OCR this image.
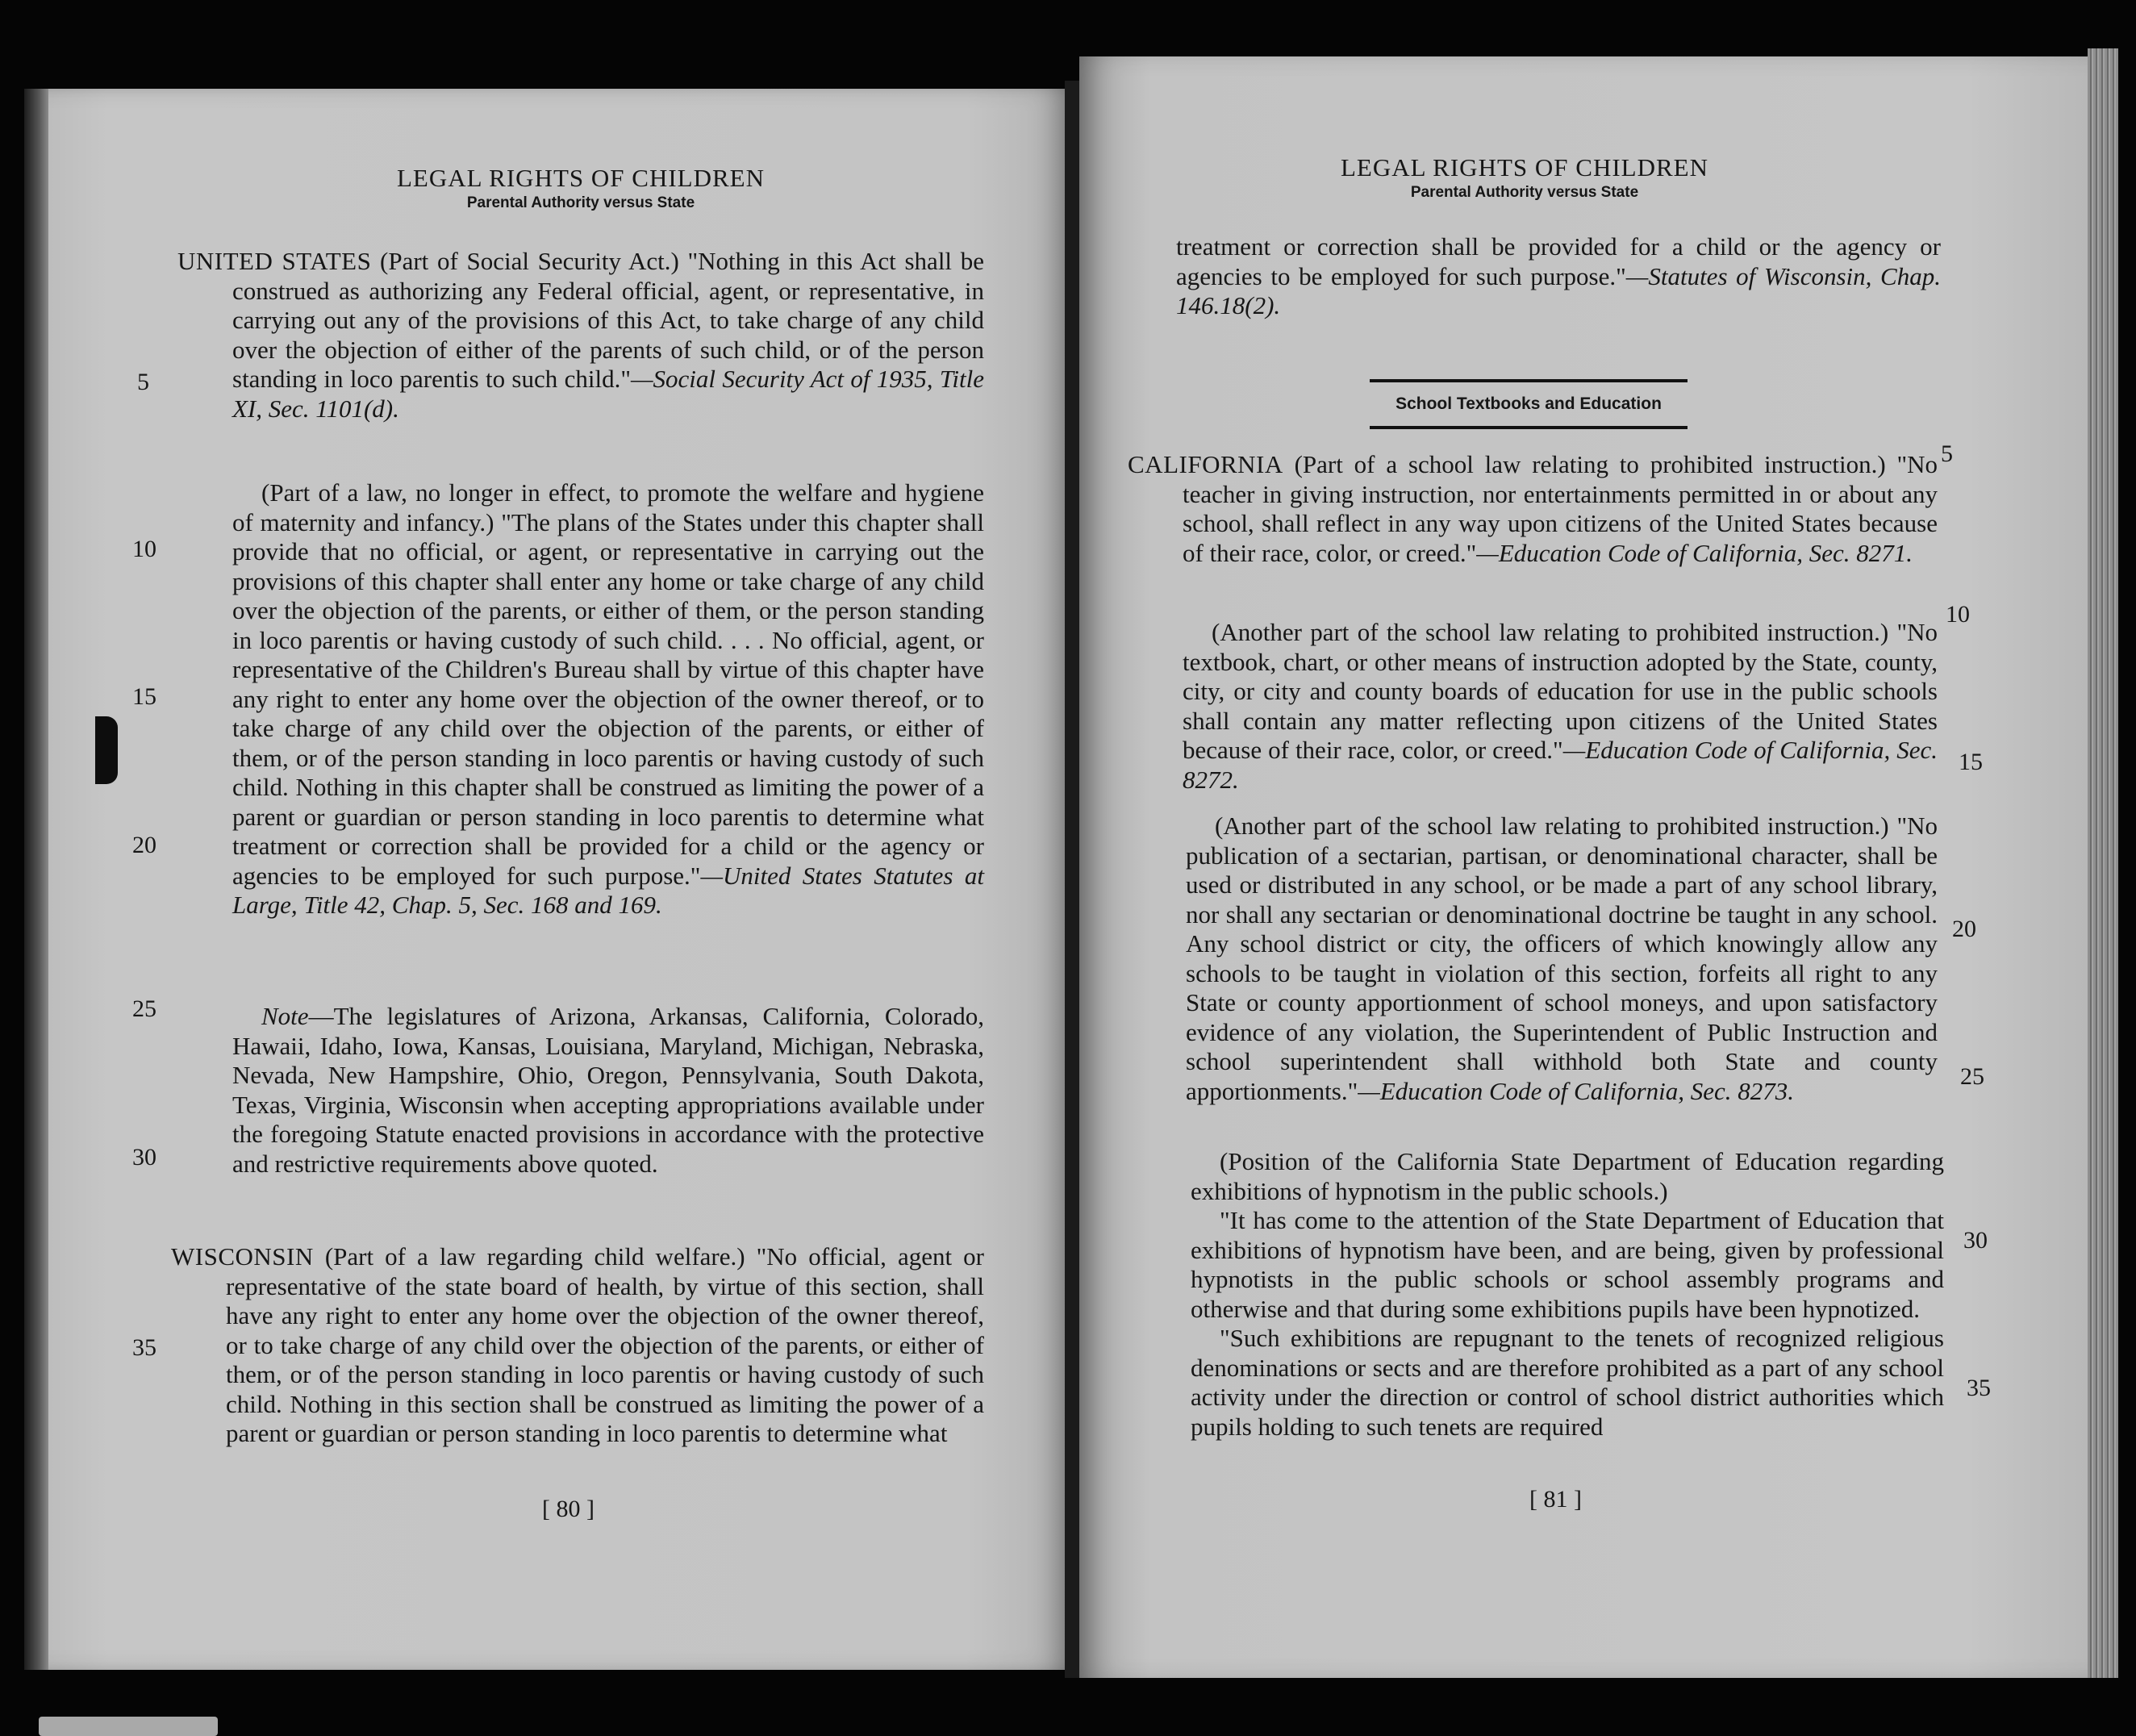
LEGAL RIGHTS OF CHILDREN
Parental Authority versus State
5
10
15
20
25
30
35

UNITED STATES (Part of Social Security Act.) "Nothing in this Act shall be construed as authorizing any Federal official, agent, or representative, in carrying out any of the provisions of this Act, to take charge of any child over the objection of either of the parents of such child, or of the person standing in loco parentis to such child."—Social Security Act of 1935, Title XI, Sec. 1101(d).

(Part of a law, no longer in effect, to promote the welfare and hygiene of maternity and infancy.) "The plans of the States under this chapter shall provide that no official, or agent, or representative in carrying out the provisions of this chapter shall enter any home or take charge of any child over the objection of the parents, or either of them, or the person standing in loco parentis or having custody of such child. . . . No official, agent, or representative of the Children's Bureau shall by virtue of this chapter have any right to enter any home over the objection of the owner thereof, or to take charge of any child over the objection of the parents, or either of them, or of the person standing in loco parentis or having custody of such child. Nothing in this chapter shall be construed as limiting the power of a parent or guardian or person standing in loco parentis to determine what treatment or correction shall be provided for a child or the agency or agencies to be employed for such purpose."—United States Statutes at Large, Title 42, Chap. 5, Sec. 168 and 169.

Note—The legislatures of Arizona, Arkansas, California, Colorado, Hawaii, Idaho, Iowa, Kansas, Louisiana, Maryland, Michigan, Nebraska, Nevada, New Hampshire, Ohio, Oregon, Pennsylvania, South Dakota, Texas, Virginia, Wisconsin when accepting appropriations available under the foregoing Statute enacted provisions in accordance with the protective and restrictive requirements above quoted.

WISCONSIN (Part of a law regarding child welfare.) "No official, agent or representative of the state board of health, by virtue of this section, shall have any right to enter any home over the objection of the owner thereof, or to take charge of any child over the objection of the parents, or either of them, or of the person standing in loco parentis or having custody of such child. Nothing in this section shall be construed as limiting the power of a parent or guardian or person standing in loco parentis to determine what

[ 80 ]
LEGAL RIGHTS OF CHILDREN
Parental Authority versus State

treatment or correction shall be provided for a child or the agency or agencies to be employed for such purpose."—Statutes of Wisconsin, Chap. 146.18(2).

School Textbooks and Education
5
10
15
20
25
30
35

CALIFORNIA (Part of a school law relating to prohibited instruction.) "No teacher in giving instruction, nor entertainments permitted in or about any school, shall reflect in any way upon citizens of the United States because of their race, color, or creed."—Education Code of California, Sec. 8271.

(Another part of the school law relating to prohibited instruction.) "No textbook, chart, or other means of instruction adopted by the State, county, city, or city and county boards of education for use in the public schools shall contain any matter reflecting upon citizens of the United States because of their race, color, or creed."—Education Code of California, Sec. 8272.

(Another part of the school law relating to prohibited instruction.) "No publication of a sectarian, partisan, or denominational character, shall be used or distributed in any school, or be made a part of any school library, nor shall any sectarian or denominational doctrine be taught in any school. Any school district or city, the officers of which knowingly allow any schools to be taught in violation of this section, forfeits all right to any State or county apportionment of school moneys, and upon satisfactory evidence of any violation, the Superintendent of Public Instruction and school superintendent shall withhold both State and county apportionments."—Education Code of California, Sec. 8273.

(Position of the California State Department of Education regarding exhibitions of hypnotism in the public schools.)

"It has come to the attention of the State Department of Education that exhibitions of hypnotism have been, and are being, given by professional hypnotists in the public schools or school assembly programs and otherwise and that during some exhibitions pupils have been hypnotized.

"Such exhibitions are repugnant to the tenets of recognized religious denominations or sects and are therefore prohibited as a part of any school activity under the direction or control of school district authorities which pupils holding to such tenets are required

[ 81 ]
